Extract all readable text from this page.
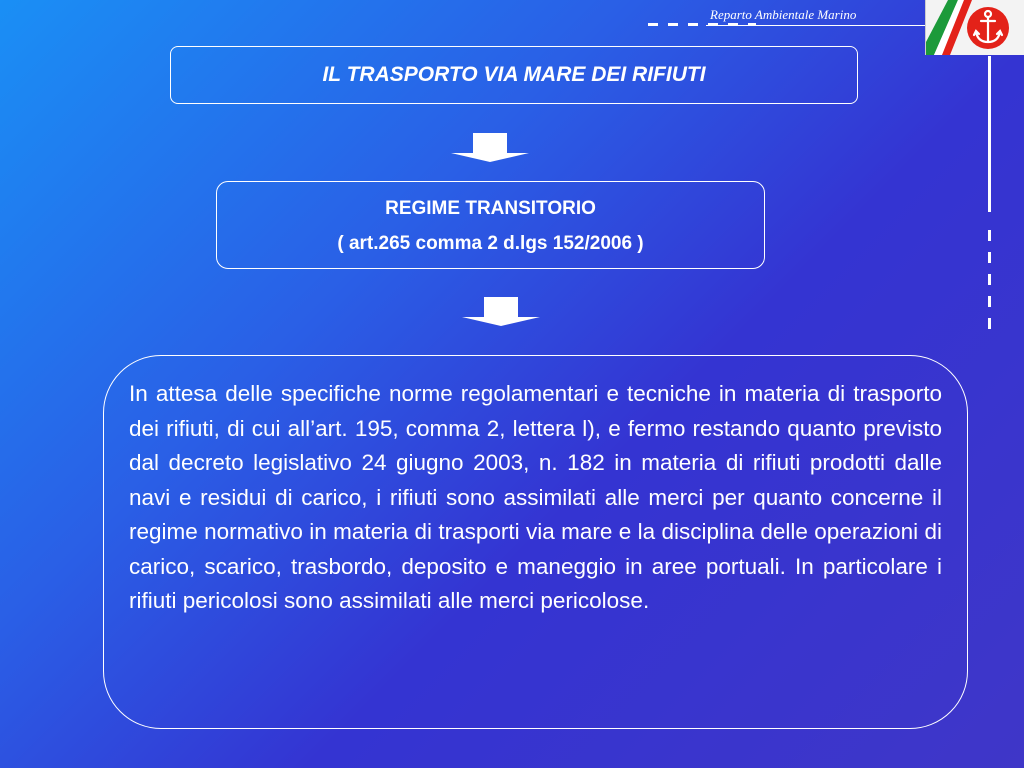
Reparto Ambientale Marino
IL TRASPORTO VIA MARE DEI RIFIUTI
REGIME TRANSITORIO
( art.265 comma 2 d.lgs 152/2006 )
In attesa delle specifiche norme regolamentari e tecniche in materia di trasporto dei rifiuti, di cui all’art. 195, comma 2, lettera l), e fermo restando quanto previsto dal decreto legislativo 24 giugno 2003, n. 182 in materia di rifiuti prodotti dalle navi e residui di carico, i rifiuti sono assimilati alle merci per quanto concerne il regime normativo in materia di trasporti via mare e la disciplina delle operazioni di carico, scarico, trasbordo, deposito e maneggio in aree portuali. In particolare i rifiuti pericolosi sono assimilati alle merci pericolose.
